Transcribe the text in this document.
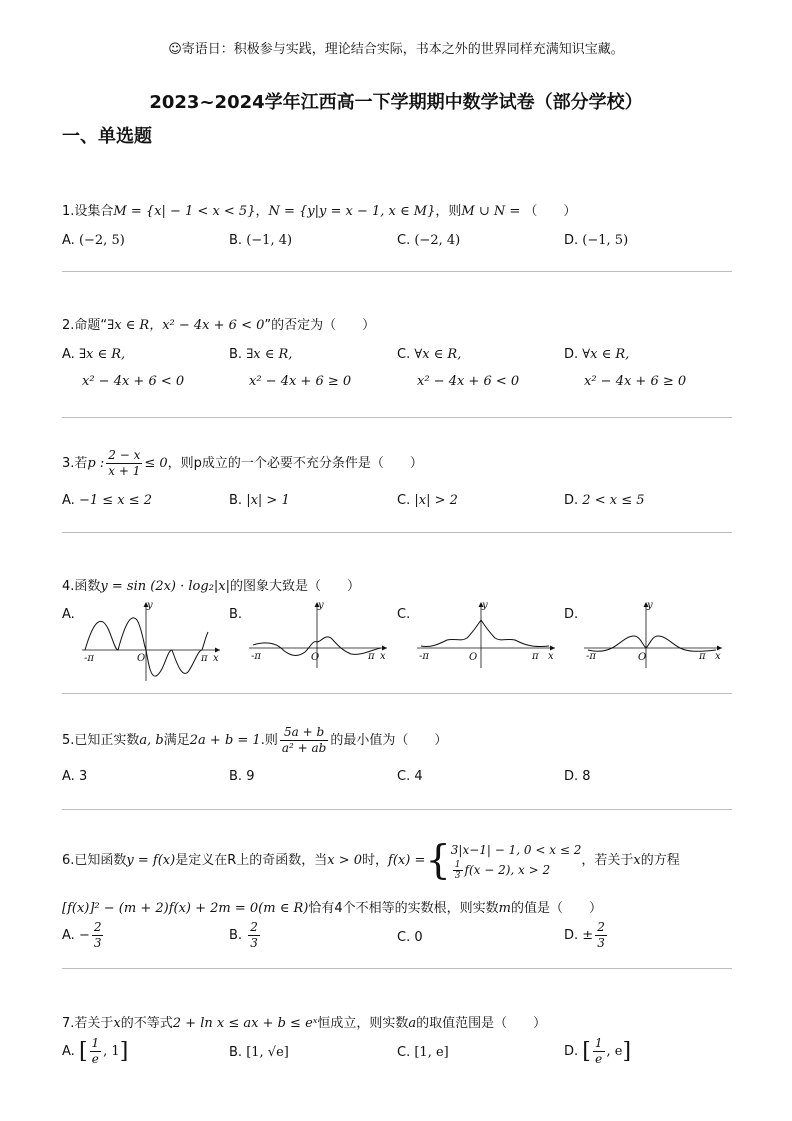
☺寄语日：积极参与实践，理论结合实际，书本之外的世界同样充满知识宝藏。
2023~2024学年江西高一下学期期中数学试卷（部分学校）
一、单选题
1.设集合M = {x| − 1 < x < 5}，N = {y|y = x − 1, x ∈ M}，则M ∪ N = （　　）
A. (−2, 5)	B. (−1, 4)	C. (−2, 4)	D. (−1, 5)
2.命题“∃x ∈ R，x² − 4x + 6 < 0”的否定为（　　）
A. ∃x ∈ R,
x² − 4x + 6 < 0
B. ∃x ∈ R,
x² − 4x + 6 ≥ 0
C. ∀x ∈ R,
x² − 4x + 6 < 0
D. ∀x ∈ R,
x² − 4x + 6 ≥ 0
3.若p : $\frac{2 - x}{x + 1} \le 0$，则p成立的一个必要不充分条件是（　　）
A. −1 ≤ x ≤ 2	B. |x| > 1	C. |x| > 2	D. 2 < x ≤ 5
4.函数y = sin (2x) · log₂|x|的图象大致是（　　）
A.
y
x
O
-π	π
B.
y
x
O
-π	π
C.
y
x
O
-π	π
D.
y
x
O
-π	π
5.已知正实数a, b满足2a + b = 1.则 $\frac{5a + b}{\text{a² + ab}}$ 的最小值为（　　）
A. 3	B. 9	C. 4	D. 8
6.已知函数y = f(x)是定义在R上的奇函数，当x > 0时，f(x) ={ 3|x−1| − 1, 0 < x ≤ 2
$\frac{1}{3} f(x - 2)$, x > 2
，若关于x的方程
[f(x)]² − (m + 2)f(x) + 2m = 0(m ∈ R)恰有4个不相等的实数根，则实数m的值是（　　）
A. − $\frac{2}{3}$	B. $\frac{2}{3}$	C. 0	D. ± $\frac{2}{3}$
7.若关于x的不等式2 + ln x ≤ ax + b ≤ eˣ恒成立，则实数a的取值范围是（　　）
A. [ $\frac{1}{e}$ , 1]	B. [1, √e]	C. [1, e]	D. [ $\frac{1}{e}$ , e]
